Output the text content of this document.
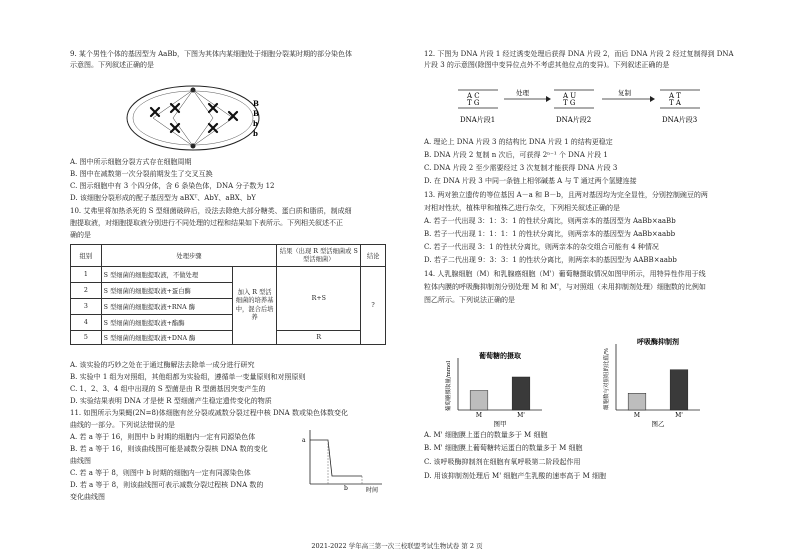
9. 某个男性个体的基因型为 AaBb，下图为其体内某细胞处于细胞分裂某时期的部分染色体
示意图。下列叙述正确的是
B
B
b
b
A. 图中所示细胞分裂方式存在细胞周期
B. 图中在减数第一次分裂前期发生了交叉互换
C. 图示细胞中有 3 个四分体，含 6 条染色体，DNA 分子数为 12
D. 该细胞分裂形成的配子基因型为 aBXᵀ、AbY、aBX、bY
10. 艾弗里将加热杀死的 S 型细菌破碎后，设法去除绝大部分糖类、蛋白质和脂质，制成细
胞提取液，对细胞提取液分别进行不同处理的过程和结果如下表所示。下列相关叙述不正
确的是
组别	处理步骤		结果（出现 R 型活细菌或 S 型活细菌）	结论
1	S 型细菌的细胞提取液，不做处理	加入 R 型活细菌的培养基中，混合后培养	R+S	?
2	S 型细菌的细胞提取液+蛋白酶			
3	S 型细菌的细胞提取液+RNA 酶			
4	S 型细菌的细胞提取液+酯酶			
5	S 型细菌的细胞提取液+DNA 酶		R	
A. 该实验的巧妙之处在于通过酶解法去除单一成分进行研究
B. 实验中 1 组为对照组，其他组都为实验组，遵循单一变量原则和对照原则
C. 1、2、3、4 组中出现的 S 型菌是由 R 型菌基因突变产生的
D. 实验结果表明 DNA 才是使 R 型细菌产生稳定遗传变化的物质
11. 如图所示为果蝇(2N=8)体细胞有丝分裂或减数分裂过程中核 DNA 数或染色体数变化
曲线的一部分。下列说法错误的是
A. 若 a 等于 16，则图中 b 时期的细胞内一定有同源染色体
B. 若 a 等于 16，则该曲线图可能是减数分裂核 DNA 数的变化
曲线图
C. 若 a 等于 8，则图中 b 时期的细胞内一定有同源染色体
D. 若 a 等于 8，则该曲线图可表示减数分裂过程核 DNA 数的
变化曲线图
a
b	时间
12. 下图为 DNA 片段 1 经过诱变处理后获得 DNA 片段 2，而后 DNA 片段 2 经过复制得到 DNA
片段 3 的示意图(除图中变异位点外不考虑其他位点的变异)。下列叙述正确的是
A C
T G
A U
T G
A T
T A
处理	复制
DNA片段1	DNA片段2	DNA片段3
A. 理论上 DNA 片段 3 的结构比 DNA 片段 1 的结构更稳定
B. DNA 片段 2 复制 n 次后，可获得 2ⁿ⁻¹ 个 DNA 片段 1
C. DNA 片段 2 至少需要经过 3 次复制才能获得 DNA 片段 3
D. 在 DNA 片段 3 中同一条链上相邻碱基 A 与 T 通过两个氢键连接
13. 两对独立遗传的等位基因 A－a 和 B－b，且两对基因均为完全显性，分别控制豌豆的两
对相对性状，植株甲和植株乙进行杂交，下列相关叙述正确的是
A. 若子一代出现 3：1：3：1 的性状分离比，则两亲本的基因型为 AaBb×aaBb
B. 若子一代出现 1：1：1：1 的性状分离比，则两亲本的基因型为 AaBb×aabb
C. 若子一代出现 3：1 的性状分离比，则两亲本的杂交组合可能有 4 种情况
D. 若子二代出现 9：3：3：1 的性状分离比，则两亲本的基因型为 AABB×aabb
14. 人乳腺细胞（M）和乳腺癌细胞（M'）葡萄糖摄取情况如图甲所示，用特异性作用于线
粒体内膜的呼吸酶抑制剂分别处理 M 和 M'，与对照组（未用抑制剂处理）细胞数的比例如
图乙所示。下列说法正确的是
葡萄糖的摄取
葡萄糖摄取量/mmol
M	M'
图甲
呼吸酶抑制剂
细胞数与对照组的比值/%
M	M'
图乙
A. M' 细胞膜上蛋白的数量多于 M 细胞
B. M' 细胞膜上葡萄糖转运蛋白的数量多于 M 细胞
C. 该呼吸酶抑制剂在细胞有氧呼吸第二阶段起作用
D. 用该抑制剂处理后 M' 细胞产生乳酸的速率高于 M 细胞
2021-2022 学年高三第一次三校联盟考试生物试卷 第 2 页
